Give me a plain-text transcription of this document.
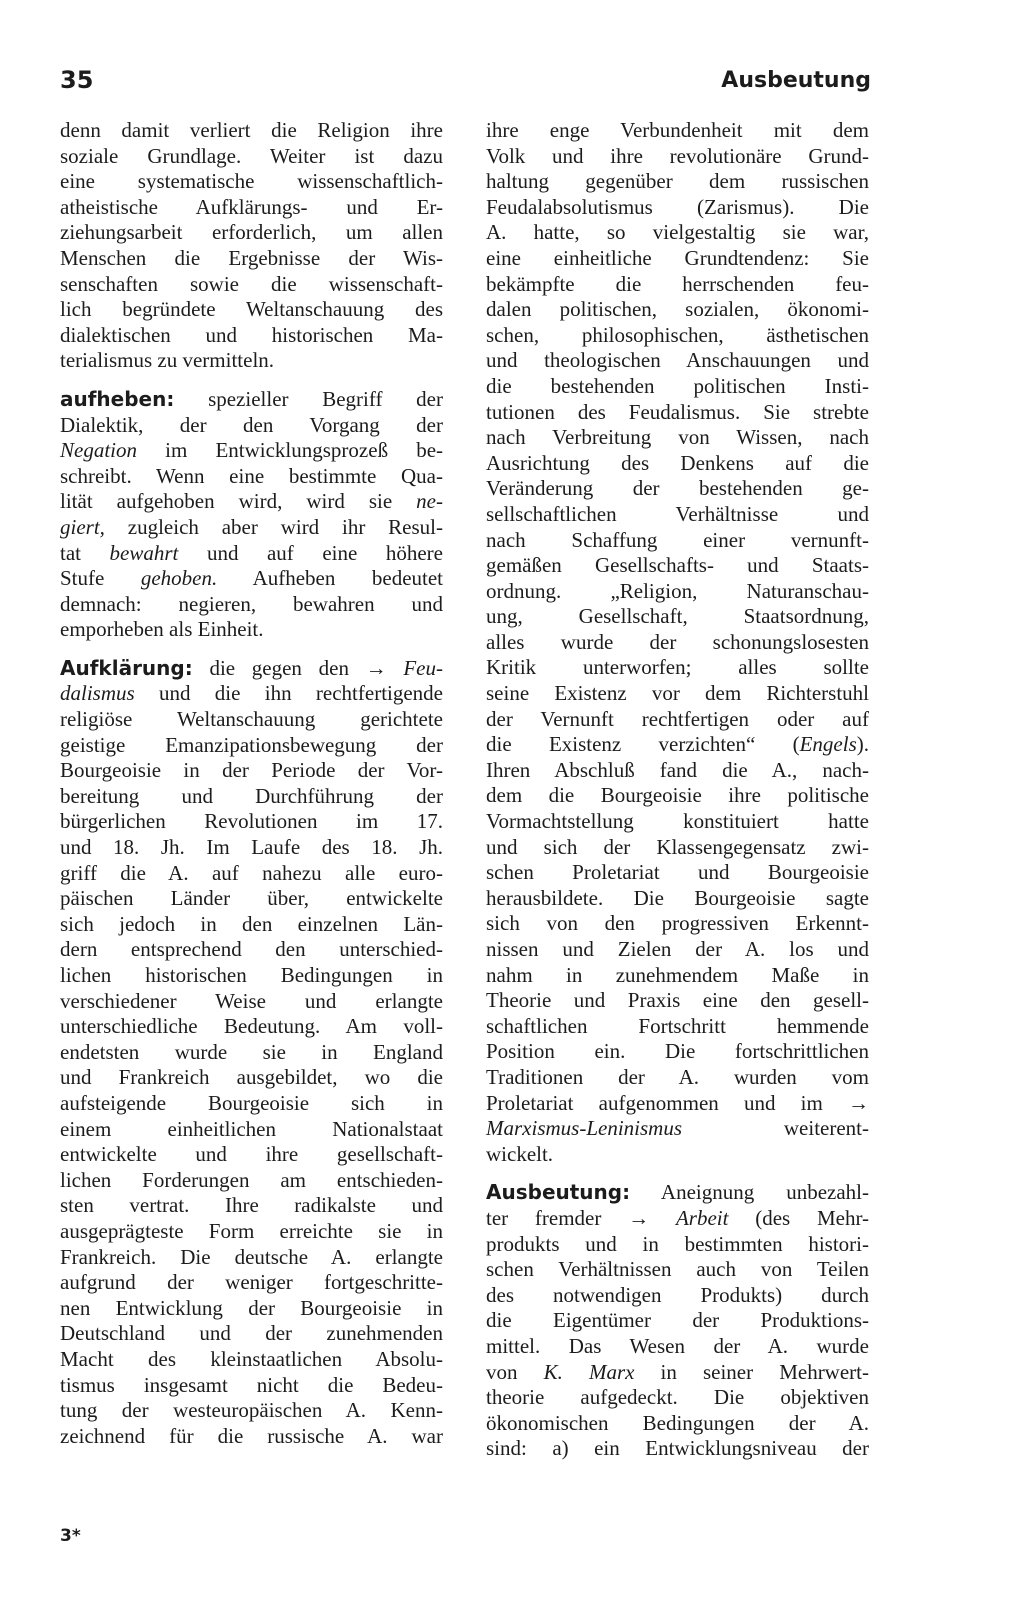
35	Ausbeutung
denn damit verliert die Religion ihre
soziale Grundlage. Weiter ist dazu
eine systematische wissenschaftlich-
atheistische Aufklärungs- und Er-
ziehungsarbeit erforderlich, um allen
Menschen die Ergebnisse der Wis-
senschaften sowie die wissenschaft-
lich begründete Weltanschauung des
dialektischen und historischen Ma-
terialismus zu vermitteln.
aufheben: spezieller Begriff der
Dialektik, der den Vorgang der
Negation im Entwicklungsprozeß be-
schreibt. Wenn eine bestimmte Qua-
lität aufgehoben wird, wird sie ne-
giert, zugleich aber wird ihr Resul-
tat bewahrt und auf eine höhere
Stufe gehoben. Aufheben bedeutet
demnach: negieren, bewahren und
emporheben als Einheit.
Aufklärung: die gegen den → Feu-
dalismus und die ihn rechtfertigende
religiöse Weltanschauung gerichtete
geistige Emanzipationsbewegung der
Bourgeoisie in der Periode der Vor-
bereitung und Durchführung der
bürgerlichen Revolutionen im 17.
und 18. Jh. Im Laufe des 18. Jh.
griff die A. auf nahezu alle euro-
päischen Länder über, entwickelte
sich jedoch in den einzelnen Län-
dern entsprechend den unterschied-
lichen historischen Bedingungen in
verschiedener Weise und erlangte
unterschiedliche Bedeutung. Am voll-
endetsten wurde sie in England
und Frankreich ausgebildet, wo die
aufsteigende Bourgeoisie sich in
einem einheitlichen Nationalstaat
entwickelte und ihre gesellschaft-
lichen Forderungen am entschieden-
sten vertrat. Ihre radikalste und
ausgeprägteste Form erreichte sie in
Frankreich. Die deutsche A. erlangte
aufgrund der weniger fortgeschritte-
nen Entwicklung der Bourgeoisie in
Deutschland und der zunehmenden
Macht des kleinstaatlichen Absolu-
tismus insgesamt nicht die Bedeu-
tung der westeuropäischen A. Kenn-
zeichnend für die russische A. war
ihre enge Verbundenheit mit dem
Volk und ihre revolutionäre Grund-
haltung gegenüber dem russischen
Feudalabsolutismus (Zarismus). Die
A. hatte, so vielgestaltig sie war,
eine einheitliche Grundtendenz: Sie
bekämpfte die herrschenden feu-
dalen politischen, sozialen, ökonomi-
schen, philosophischen, ästhetischen
und theologischen Anschauungen und
die bestehenden politischen Insti-
tutionen des Feudalismus. Sie strebte
nach Verbreitung von Wissen, nach
Ausrichtung des Denkens auf die
Veränderung der bestehenden ge-
sellschaftlichen Verhältnisse und
nach Schaffung einer vernunft-
gemäßen Gesellschafts- und Staats-
ordnung. „Religion, Naturanschau-
ung, Gesellschaft, Staatsordnung,
alles wurde der schonungslosesten
Kritik unterworfen; alles sollte
seine Existenz vor dem Richterstuhl
der Vernunft rechtfertigen oder auf
die Existenz verzichten“ (Engels).
Ihren Abschluß fand die A., nach-
dem die Bourgeoisie ihre politische
Vormachtstellung konstituiert hatte
und sich der Klassengegensatz zwi-
schen Proletariat und Bourgeoisie
herausbildete. Die Bourgeoisie sagte
sich von den progressiven Erkennt-
nissen und Zielen der A. los und
nahm in zunehmendem Maße in
Theorie und Praxis eine den gesell-
schaftlichen Fortschritt hemmende
Position ein. Die fortschrittlichen
Traditionen der A. wurden vom
Proletariat aufgenommen und im →
Marxismus-Leninismus	weiterent-
wickelt.
Ausbeutung: Aneignung unbezahl-
ter fremder → Arbeit (des Mehr-
produkts und in bestimmten histori-
schen Verhältnissen auch von Teilen
des notwendigen Produkts) durch
die Eigentümer der Produktions-
mittel. Das Wesen der A. wurde
von K. Marx in seiner Mehrwert-
theorie aufgedeckt. Die objektiven
ökonomischen Bedingungen der A.
sind: a) ein Entwicklungsniveau der
3*
